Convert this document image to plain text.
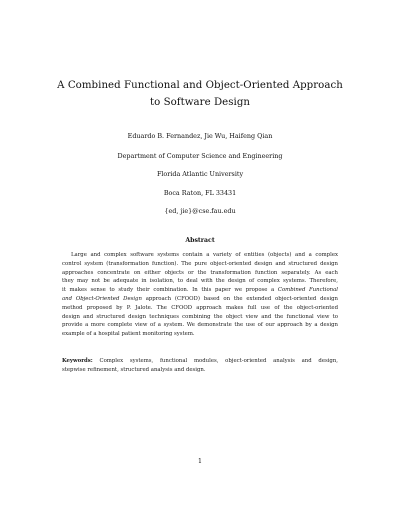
A Combined Functional and Object-Oriented Approach
to Software Design
Eduardo B. Fernandez, Jie Wu, Haifeng Qian
Department of Computer Science and Engineering
Florida Atlantic University
Boca Raton, FL 33431
{ed, jie}@cse.fau.edu
Abstract
Large and complex software systems contain a variety of entities (objects) and a complex
control system (transformation function). The pure object-oriented design and structured design
approaches concentrate on either objects or the transformation function separately. As each
they may not be adequate in isolation, to deal with the design of complex systems. Therefore,
it makes sense to study their combination. In this paper we propose a Combined Functional
and Object-Oriented Design approach (CFOOD) based on the extended object-oriented design
method proposed by P. Jalote. The CFOOD approach makes full use of the object-oriented
design and structured design techniques combining the object view and the functional view to
provide a more complete view of a system. We demonstrate the use of our approach by a design
example of a hospital patient monitoring system.
Keywords: Complex systems, functional modules, object-oriented analysis and design,
stepwise refinement, structured analysis and design.
1
